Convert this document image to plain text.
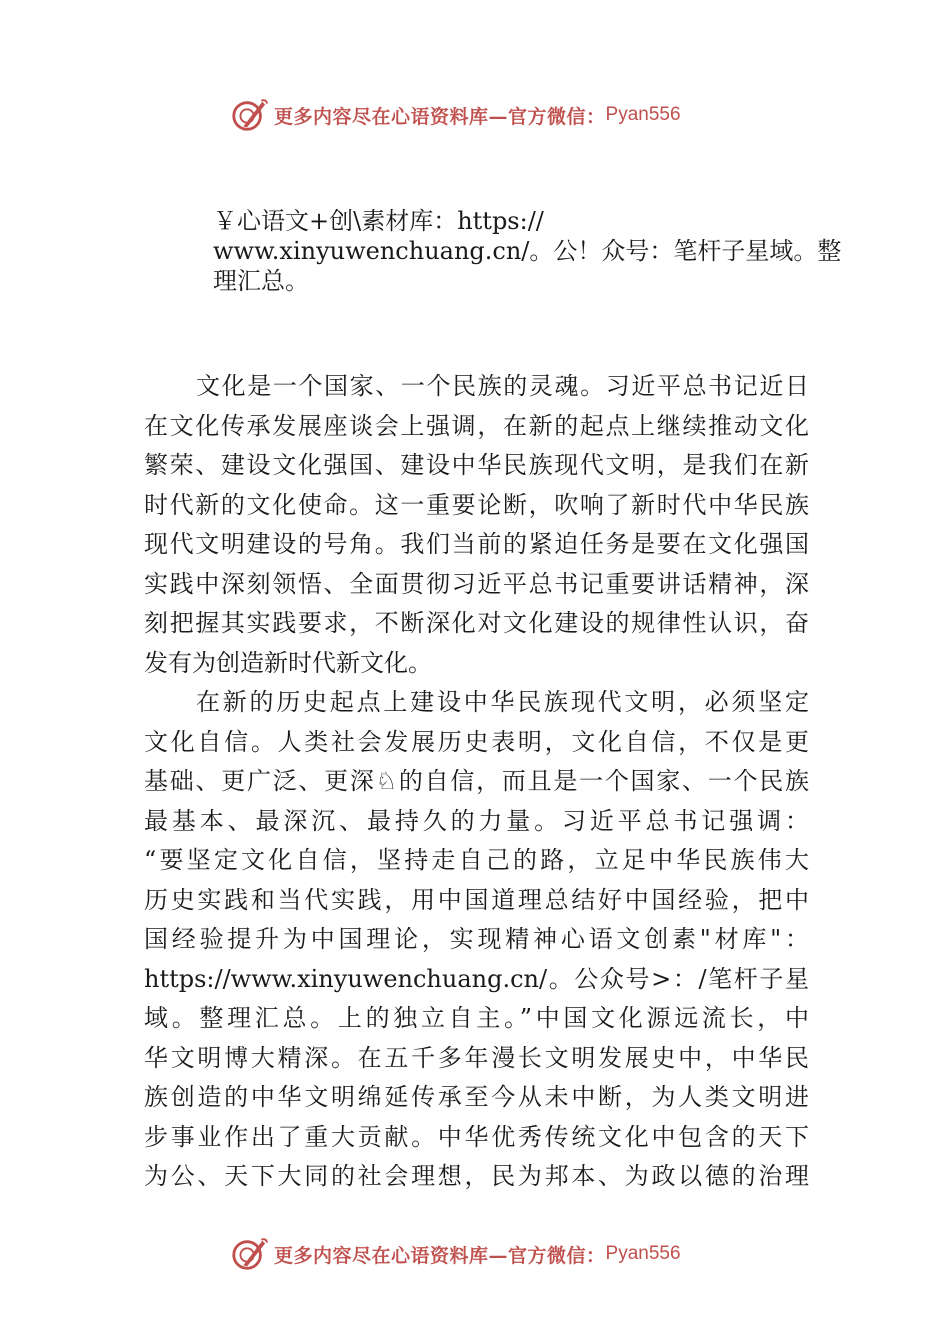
更多内容尽在心语资料库—官方微信： Pyan556
￥心语文+创\素材库：https://
www.xinyuwenchuang.cn/。公！众号：笔杆子星域。整
理汇总。
文化是一个国家、一个民族的灵魂。习近平总书记近日
在文化传承发展座谈会上强调，在新的起点上继续推动文化
繁荣、建设文化强国、建设中华民族现代文明，是我们在新
时代新的文化使命。这一重要论断，吹响了新时代中华民族
现代文明建设的号角。我们当前的紧迫任务是要在文化强国
实践中深刻领悟、全面贯彻习近平总书记重要讲话精神，深
刻把握其实践要求，不断深化对文化建设的规律性认识，奋
发有为创造新时代新文化。
在新的历史起点上建设中华民族现代文明，必须坚定
文化自信。人类社会发展历史表明，文化自信，不仅是更
基础、更广泛、更深♘的自信，而且是一个国家、一个民族
最基本、最深沉、最持久的力量。习近平总书记强调：
“要坚定文化自信，坚持走自己的路，立足中华民族伟大
历史实践和当代实践，用中国道理总结好中国经验，把中
国经验提升为中国理论，实现精神心语文创素"材库"：
https://www.xinyuwenchuang.cn/。公众号>：/笔杆子星
域。整理汇总。上的独立自主。”中国文化源远流长，中
华文明博大精深。在五千多年漫长文明发展史中，中华民
族创造的中华文明绵延传承至今从未中断，为人类文明进
步事业作出了重大贡献。中华优秀传统文化中包含的天下
为公、天下大同的社会理想，民为邦本、为政以德的治理
更多内容尽在心语资料库—官方微信： Pyan556
